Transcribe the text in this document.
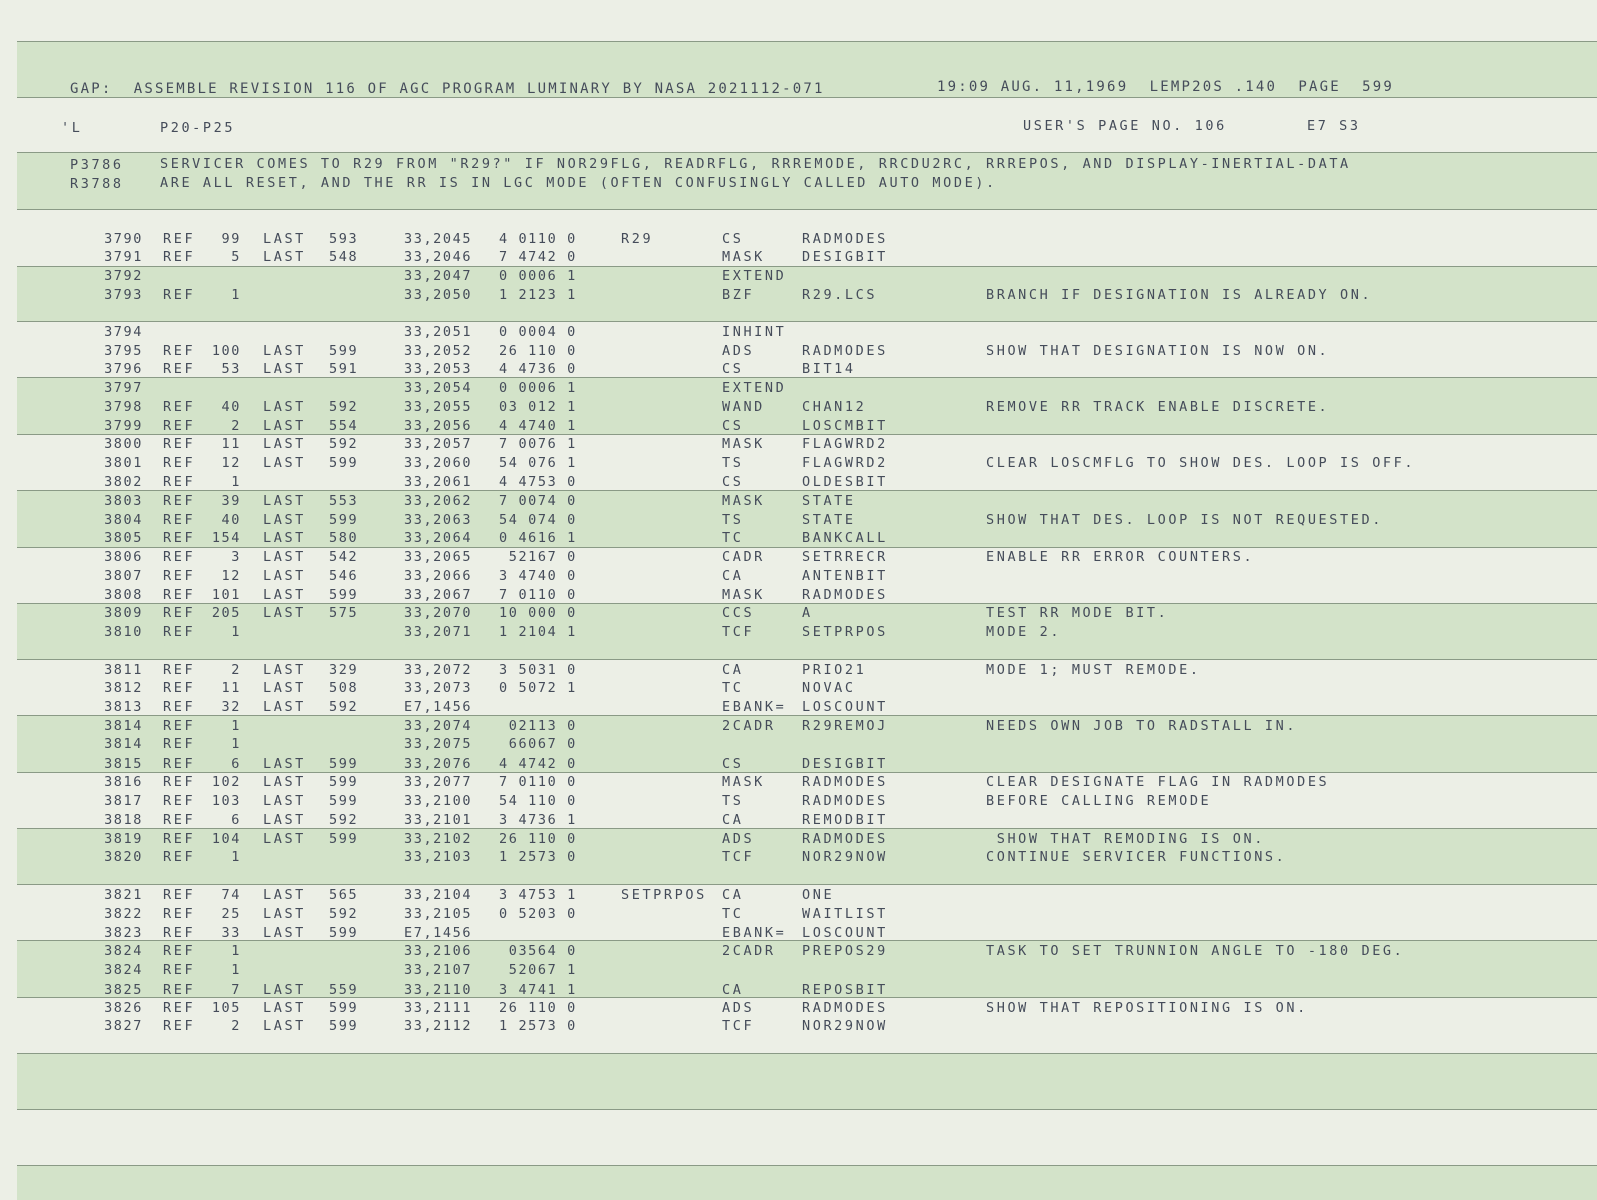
GAP:  ASSEMBLE REVISION 116 OF AGC PROGRAM LUMINARY BY NASA 2021112-071	19:09 AUG. 11,1969  LEMP20S .140  PAGE  599
'L	P20-P25	USER'S PAGE NO. 106	E7 S3
P3786	SERVICER COMES TO R29 FROM "R29?" IF NOR29FLG, READRFLG, RRREMODE, RRCDU2RC, RRREPOS, AND DISPLAY-INERTIAL-DATA
R3788	ARE ALL RESET, AND THE RR IS IN LGC MODE (OFTEN CONFUSINGLY CALLED AUTO MODE).
3790 REF	99 LAST 593	33,2045 4 0110 0	R29	CS	RADMODES
3791 REF	5 LAST 548	33,2046 7 4742 0	MASK	DESIGBIT
3792	33,2047 0 0006 1	EXTEND
3793 REF	1	33,2050 1 2123 1	BZF	R29.LCS	BRANCH IF DESIGNATION IS ALREADY ON.
3794	33,2051 0 0004 0	INHINT
3795 REF	100 LAST 599	33,2052 26 110 0	ADS	RADMODES	SHOW THAT DESIGNATION IS NOW ON.
3796 REF	53 LAST 591	33,2053 4 4736 0	CS	BIT14
3797	33,2054 0 0006 1	EXTEND
3798 REF	40 LAST 592	33,2055 03 012 1	WAND	CHAN12	REMOVE RR TRACK ENABLE DISCRETE.
3799 REF	2 LAST 554	33,2056 4 4740 1	CS	LOSCMBIT
3800 REF	11 LAST 592	33,2057 7 0076 1	MASK	FLAGWRD2
3801 REF	12 LAST 599	33,2060 54 076 1	TS	FLAGWRD2	CLEAR LOSCMFLG TO SHOW DES. LOOP IS OFF.
3802 REF	1	33,2061 4 4753 0	CS	OLDESBIT
3803 REF	39 LAST 553	33,2062 7 0074 0	MASK	STATE
3804 REF	40 LAST 599	33,2063 54 074 0	TS	STATE	SHOW THAT DES. LOOP IS NOT REQUESTED.
3805 REF	154 LAST 580	33,2064 0 4616 1	TC	BANKCALL
3806 REF	3 LAST 542	33,2065 52167 0	CADR	SETRRECR	ENABLE RR ERROR COUNTERS.
3807 REF	12 LAST 546	33,2066 3 4740 0	CA	ANTENBIT
3808 REF	101 LAST 599	33,2067 7 0110 0	MASK	RADMODES
3809 REF	205 LAST 575	33,2070 10 000 0	CCS	A	TEST RR MODE BIT.
3810 REF	1	33,2071 1 2104 1	TCF	SETPRPOS	MODE 2.
3811 REF	2 LAST 329	33,2072 3 5031 0	CA	PRIO21	MODE 1; MUST REMODE.
3812 REF	11 LAST 508	33,2073 0 5072 1	TC	NOVAC
3813 REF	32 LAST 592	E7,1456	EBANK= LOSCOUNT
3814 REF	1	33,2074 02113 0	2CADR R29REMOJ	NEEDS OWN JOB TO RADSTALL IN.
3814 REF	1	33,2075 66067 0
3815 REF	6 LAST 599	33,2076 4 4742 0	CS	DESIGBIT
3816 REF	102 LAST 599	33,2077 7 0110 0	MASK	RADMODES	CLEAR DESIGNATE FLAG IN RADMODES
3817 REF	103 LAST 599	33,2100 54 110 0	TS	RADMODES	BEFORE CALLING REMODE
3818 REF	6 LAST 592	33,2101 3 4736 1	CA	REMODBIT
3819 REF	104 LAST 599	33,2102 26 110 0	ADS	RADMODES	SHOW THAT REMODING IS ON.
3820 REF	1	33,2103 1 2573 0	TCF	NOR29NOW	CONTINUE SERVICER FUNCTIONS.
3821 REF	74 LAST 565	33,2104 3 4753 1	SETPRPOS CA	ONE
3822 REF	25 LAST 592	33,2105 0 5203 0	TC	WAITLIST
3823 REF	33 LAST 599	E7,1456	EBANK= LOSCOUNT
3824 REF	1	33,2106 03564 0	2CADR PREPOS29	TASK TO SET TRUNNION ANGLE TO -180 DEG.
3824 REF	1	33,2107 52067 1
3825 REF	7 LAST 559	33,2110 3 4741 1	CA	REPOSBIT
3826 REF	105 LAST 599	33,2111 26 110 0	ADS	RADMODES	SHOW THAT REPOSITIONING IS ON.
3827 REF	2 LAST 599	33,2112 1 2573 0	TCF	NOR29NOW
